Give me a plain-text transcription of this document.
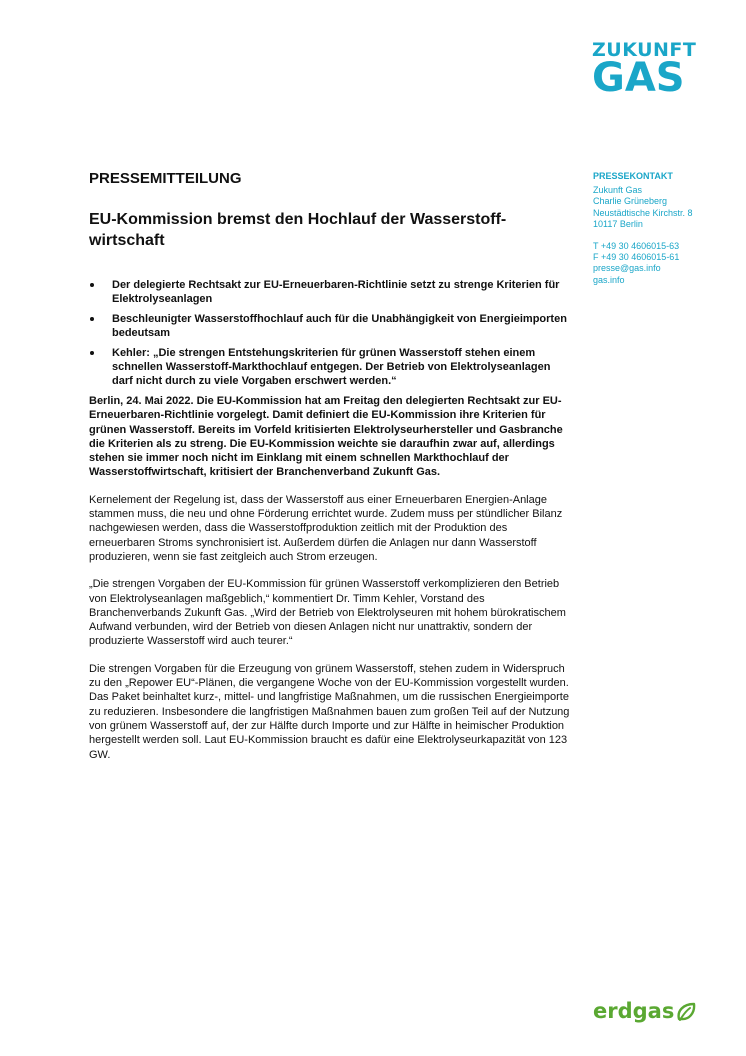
ZUKUNFT
GAS
PRESSEKONTAKT
Zukunft Gas
Charlie Grüneberg
Neustädtische Kirchstr. 8
10117 Berlin
T +49 30 4606015-63
F +49 30 4606015-61
presse@gas.info
gas.info
PRESSEMITTEILUNG
EU-Kommission bremst den Hochlauf der Wasserstoff-wirtschaft
Der delegierte Rechtsakt zur EU-Erneuerbaren-Richtlinie setzt zu strenge Kriterien für Elektrolyseanlagen
Beschleunigter Wasserstoffhochlauf auch für die Unabhängigkeit von Energieimporten bedeutsam
Kehler: „Die strengen Entstehungskriterien für grünen Wasserstoff stehen einem schnellen Wasserstoff-Markthochlauf entgegen. Der Betrieb von Elektrolyseanlagen darf nicht durch zu viele Vorgaben erschwert werden.“
Berlin, 24. Mai 2022. Die EU-Kommission hat am Freitag den delegierten Rechtsakt zur EU-Erneuerbaren-Richtlinie vorgelegt. Damit definiert die EU-Kommission ihre Kriterien für grünen Wasserstoff. Bereits im Vorfeld kritisierten Elektrolyseurhersteller und Gasbranche die Kriterien als zu streng. Die EU-Kommission weichte sie daraufhin zwar auf, allerdings stehen sie immer noch nicht im Einklang mit einem schnellen Markthochlauf der Wasserstoffwirtschaft, kritisiert der Branchenverband Zukunft Gas.
Kernelement der Regelung ist, dass der Wasserstoff aus einer Erneuerbaren Energien-Anlage stammen muss, die neu und ohne Förderung errichtet wurde. Zudem muss per stündlicher Bilanz nachgewiesen werden, dass die Wasserstoffproduktion zeitlich mit der Produktion des erneuerbaren Stroms synchronisiert ist. Außerdem dürfen die Anlagen nur dann Wasserstoff produzieren, wenn sie fast zeitgleich auch Strom erzeugen.
„Die strengen Vorgaben der EU-Kommission für grünen Wasserstoff verkomplizieren den Betrieb von Elektrolyseanlagen maßgeblich,“ kommentiert Dr. Timm Kehler, Vorstand des Branchenverbands Zukunft Gas. „Wird der Betrieb von Elektrolyseuren mit hohem bürokratischem Aufwand verbunden, wird der Betrieb von diesen Anlagen nicht nur unattraktiv, sondern der produzierte Wasserstoff wird auch teurer.“
Die strengen Vorgaben für die Erzeugung von grünem Wasserstoff, stehen zudem in Widerspruch zu den „Repower EU“-Plänen, die vergangene Woche von der EU-Kommission vorgestellt wurden. Das Paket beinhaltet kurz-, mittel- und langfristige Maßnahmen, um die russischen Energieimporte zu reduzieren. Insbesondere die langfristigen Maßnahmen bauen zum großen Teil auf der Nutzung von grünem Wasserstoff auf, der zur Hälfte durch Importe und zur Hälfte in heimischer Produktion hergestellt werden soll. Laut EU-Kommission braucht es dafür eine Elektrolyseurkapazität von 123 GW.
erdgas
